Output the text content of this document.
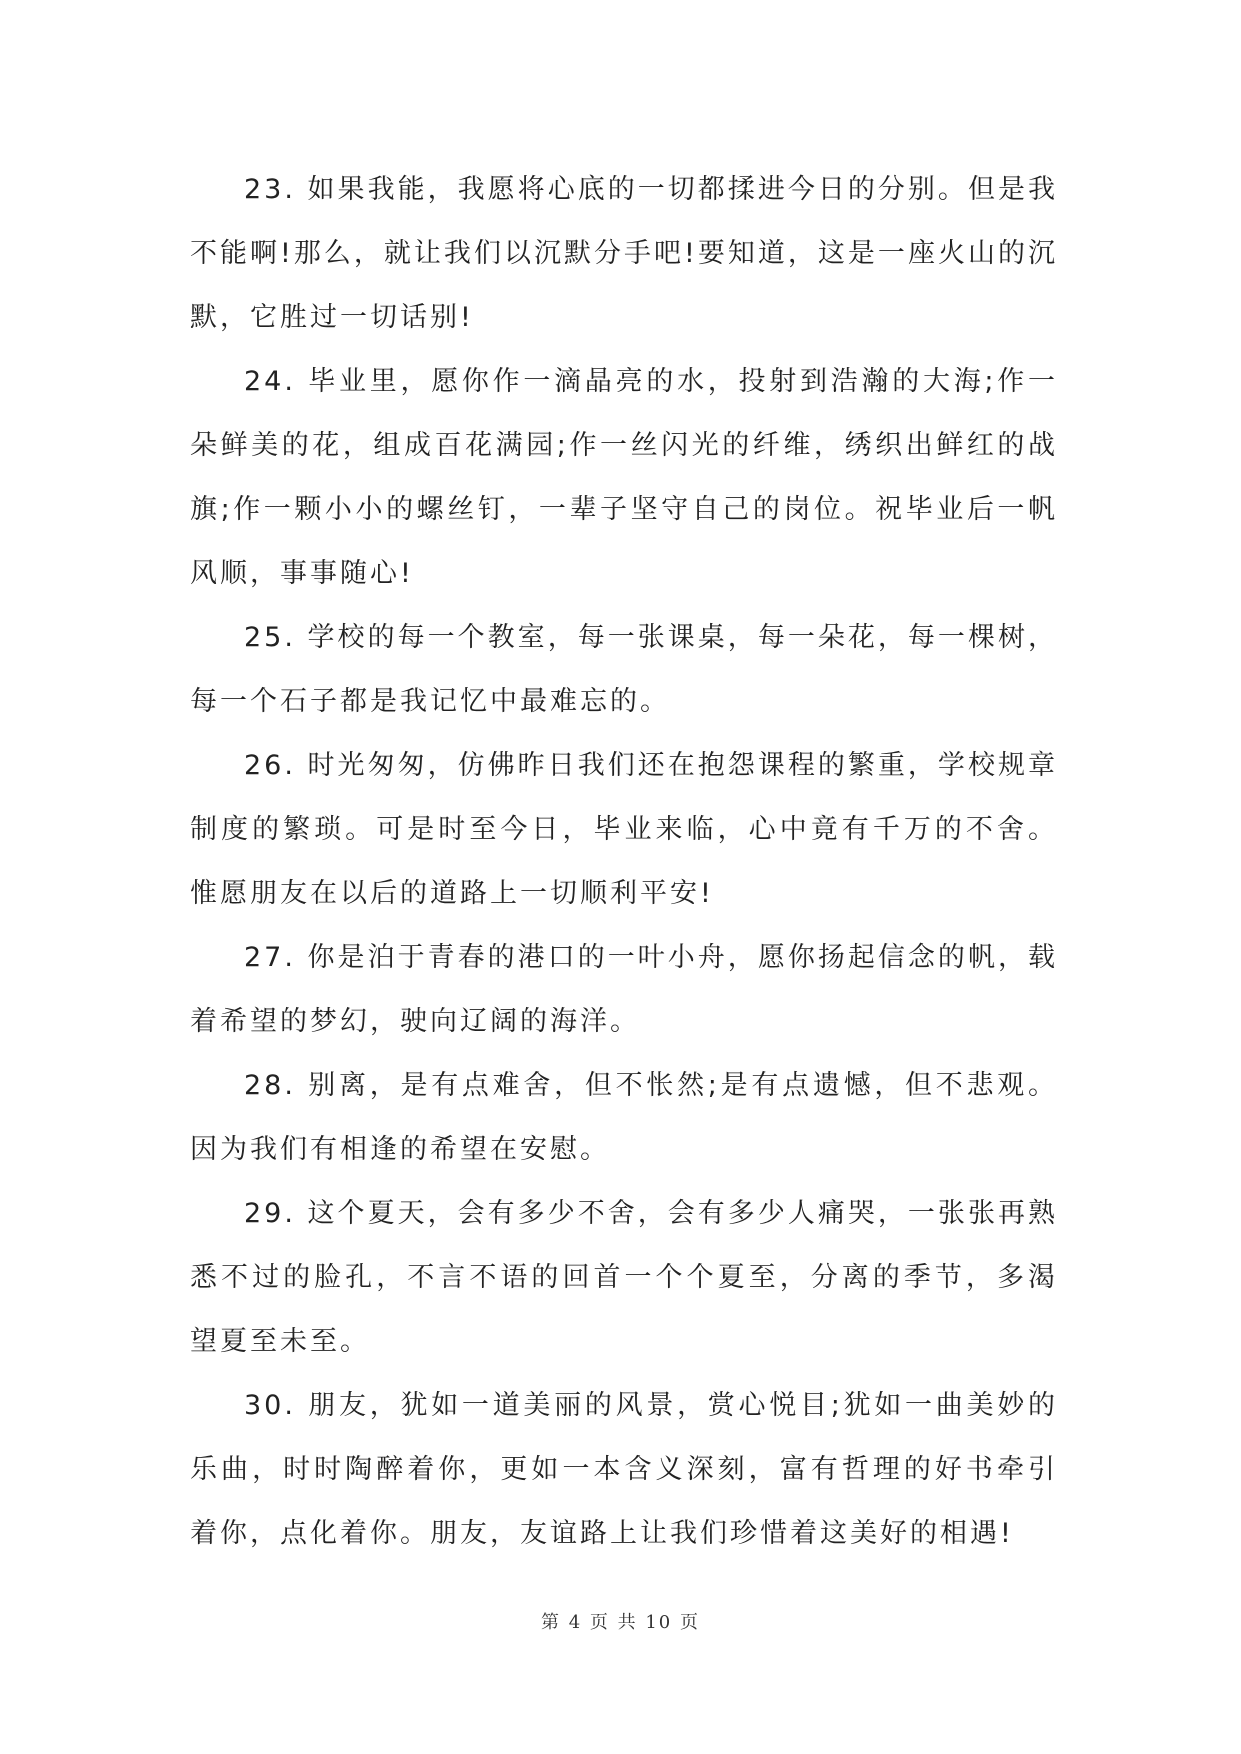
23. 如果我能，我愿将心底的一切都揉进今日的分别。但是我不能啊!那么，就让我们以沉默分手吧!要知道，这是一座火山的沉默，它胜过一切话别!

24. 毕业里，愿你作一滴晶亮的水，投射到浩瀚的大海;作一朵鲜美的花，组成百花满园;作一丝闪光的纤维，绣织出鲜红的战旗;作一颗小小的螺丝钉，一辈子坚守自己的岗位。祝毕业后一帆风顺，事事随心!

25. 学校的每一个教室，每一张课桌，每一朵花，每一棵树，每一个石子都是我记忆中最难忘的。

26. 时光匆匆，仿佛昨日我们还在抱怨课程的繁重，学校规章制度的繁琐。可是时至今日，毕业来临，心中竟有千万的不舍。惟愿朋友在以后的道路上一切顺利平安!

27. 你是泊于青春的港口的一叶小舟，愿你扬起信念的帆，载着希望的梦幻，驶向辽阔的海洋。

28. 别离，是有点难舍，但不怅然;是有点遗憾，但不悲观。因为我们有相逢的希望在安慰。

29. 这个夏天，会有多少不舍，会有多少人痛哭，一张张再熟悉不过的脸孔，不言不语的回首一个个夏至，分离的季节，多渴望夏至未至。

30. 朋友，犹如一道美丽的风景，赏心悦目;犹如一曲美妙的乐曲，时时陶醉着你，更如一本含义深刻，富有哲理的好书牵引着你，点化着你。朋友，友谊路上让我们珍惜着这美好的相遇!

第 4 页 共 10 页
